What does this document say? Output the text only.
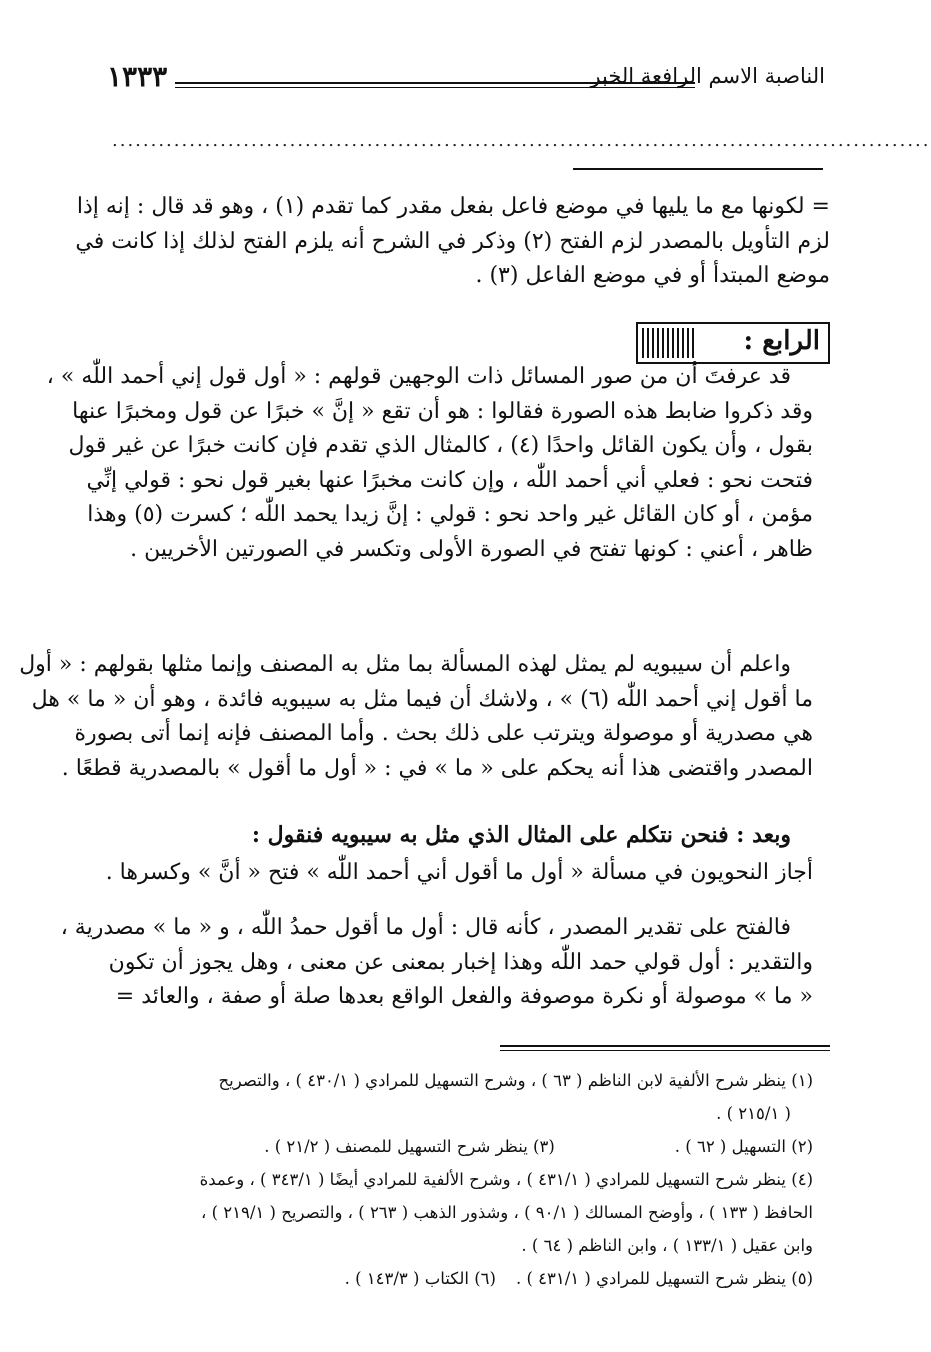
١٣٣٣	الناصبة الاسم الرافعة الخبر
..........................................................................................................
= لكونها مع ما يليها في موضع فاعل بفعل مقدر كما تقدم (١) ، وهو قد قال : إنه إذا
لزم التأويل بالمصدر لزم الفتح (٢) وذكر في الشرح أنه يلزم الفتح لذلك إذا كانت في
موضع المبتدأ أو في موضع الفاعل (٣) .
الرابع :
قد عرفتَ أن من صور المسائل ذات الوجهين قولهم : « أول قول إني أحمد اللّٰه » ،
وقد ذكروا ضابط هذه الصورة فقالوا : هو أن تقع « إنَّ » خبرًا عن قول ومخبرًا عنها
بقول ، وأن يكون القائل واحدًا (٤) ، كالمثال الذي تقدم فإن كانت خبرًا عن غير قول
فتحت نحو : فعلي أني أحمد اللّٰه ، وإن كانت مخبرًا عنها بغير قول نحو : قولي إنِّي
مؤمن ، أو كان القائل غير واحد نحو : قولي : إنَّ زيدا يحمد اللّٰه ؛ كسرت (٥) وهذا
ظاهر ، أعني : كونها تفتح في الصورة الأولى وتكسر في الصورتين الأخريين .
واعلم أن سيبويه لم يمثل لهذه المسألة بما مثل به المصنف وإنما مثلها بقولهم : « أول
ما أقول إني أحمد اللّٰه (٦) » ، ولاشك أن فيما مثل به سيبويه فائدة ، وهو أن « ما » هل
هي مصدرية أو موصولة ويترتب على ذلك بحث . وأما المصنف فإنه إنما أتى بصورة
المصدر واقتضى هذا أنه يحكم على « ما » في : « أول ما أقول » بالمصدرية قطعًا .
وبعد : فنحن نتكلم على المثال الذي مثل به سيبويه فنقول :
أجاز النحويون في مسألة « أول ما أقول أني أحمد اللّٰه » فتح « أنَّ » وكسرها .
فالفتح على تقدير المصدر ، كأنه قال : أول ما أقول حمدُ اللّٰه ، و « ما » مصدرية ،
والتقدير : أول قولي حمد اللّٰه وهذا إخبار بمعنى عن معنى ، وهل يجوز أن تكون
« ما » موصولة أو نكرة موصوفة والفعل الواقع بعدها صلة أو صفة ، والعائد =
(١) ينظر شرح الألفية لابن الناظم ( ٦٣ ) ، وشرح التسهيل للمرادي ( ٤٣٠/١ ) ، والتصريح
( ٢١٥/١ ) .
(٢) التسهيل ( ٦٢ ) .
(٣) ينظر شرح التسهيل للمصنف ( ٢١/٢ ) .
(٤) ينظر شرح التسهيل للمرادي ( ٤٣١/١ ) ، وشرح الألفية للمرادي أيضًا ( ٣٤٣/١ ) ، وعمدة
الحافظ ( ١٣٣ ) ، وأوضح المسالك ( ٩٠/١ ) ، وشذور الذهب ( ٢٦٣ ) ، والتصريح ( ٢١٩/١ ) ،
وابن عقيل ( ١٣٣/١ ) ، وابن الناظم ( ٦٤ ) .
(٥) ينظر شرح التسهيل للمرادي ( ٤٣١/١ ) .
(٦) الكتاب ( ١٤٣/٣ ) .
